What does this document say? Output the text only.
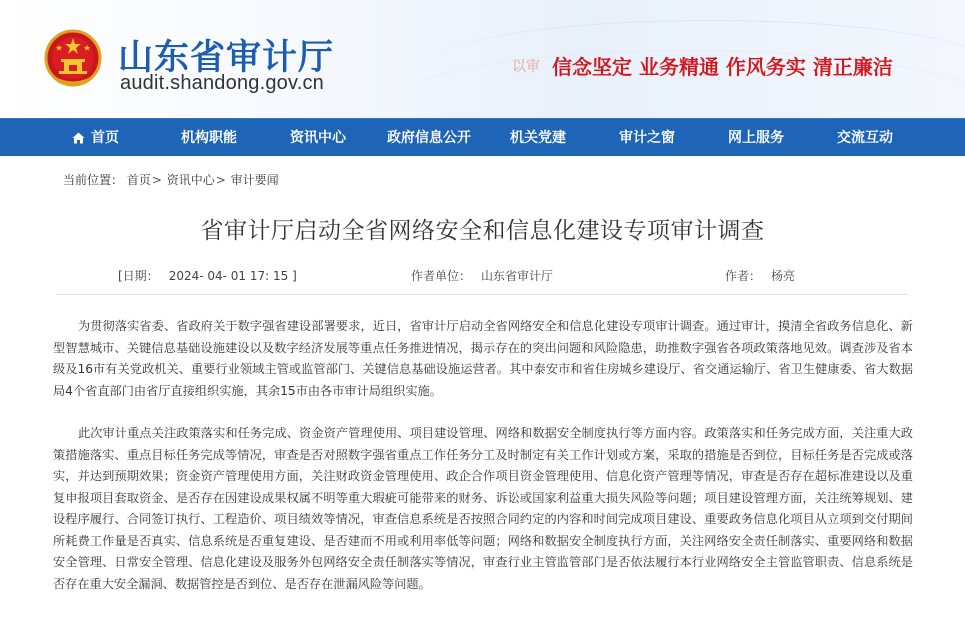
山东省审计厅
audit.shandong.gov.cn
以审 信念坚定 业务精通 作风务实 清正廉洁
首页	机构职能	资讯中心	政府信息公开	机关党建	审计之窗	网上服务	交流互动
当前位置： 首页> 资讯中心> 审计要闻
省审计厅启动全省网络安全和信息化建设专项审计调查
[日期： 2024- 04- 01 17: 15 ]	作者单位： 山东省审计厅	作者： 杨亮

为贯彻落实省委、省政府关于数字强省建设部署要求，近日，省审计厅启动全省网络安全和信息化建设专项审计调查。通过审计，摸清全省政务信息化、新型智慧城市、关键信息基础设施建设以及数字经济发展等重点任务推进情况，揭示存在的突出问题和风险隐患，助推数字强省各项政策落地见效。调查涉及省本级及16市有关党政机关、重要行业领域主管或监管部门、关键信息基础设施运营者。其中泰安市和省住房城乡建设厅、省交通运输厅、省卫生健康委、省大数据局4个省直部门由省厅直接组织实施，其余15市由各市审计局组织实施。

此次审计重点关注政策落实和任务完成、资金资产管理使用、项目建设管理、网络和数据安全制度执行等方面内容。政策落实和任务完成方面，关注重大政策措施落实、重点目标任务完成等情况，审查是否对照数字强省重点工作任务分工及时制定有关工作计划或方案，采取的措施是否到位，目标任务是否完成或落实，并达到预期效果；资金资产管理使用方面，关注财政资金管理使用、政企合作项目资金管理使用、信息化资产管理等情况，审查是否存在超标准建设以及重复申报项目套取资金、是否存在因建设成果权属不明等重大瑕疵可能带来的财务、诉讼或国家利益重大损失风险等问题；项目建设管理方面，关注统筹规划、建设程序履行、合同签订执行、工程造价、项目绩效等情况，审查信息系统是否按照合同约定的内容和时间完成项目建设、重要政务信息化项目从立项到交付期间所耗费工作量是否真实、信息系统是否重复建设、是否建而不用或利用率低等问题；网络和数据安全制度执行方面，关注网络安全责任制落实、重要网络和数据安全管理、日常安全管理、信息化建设及服务外包网络安全责任制落实等情况，审查行业主管监管部门是否依法履行本行业网络安全主管监管职责、信息系统是否存在重大安全漏洞、数据管控是否到位、是否存在泄漏风险等问题。
